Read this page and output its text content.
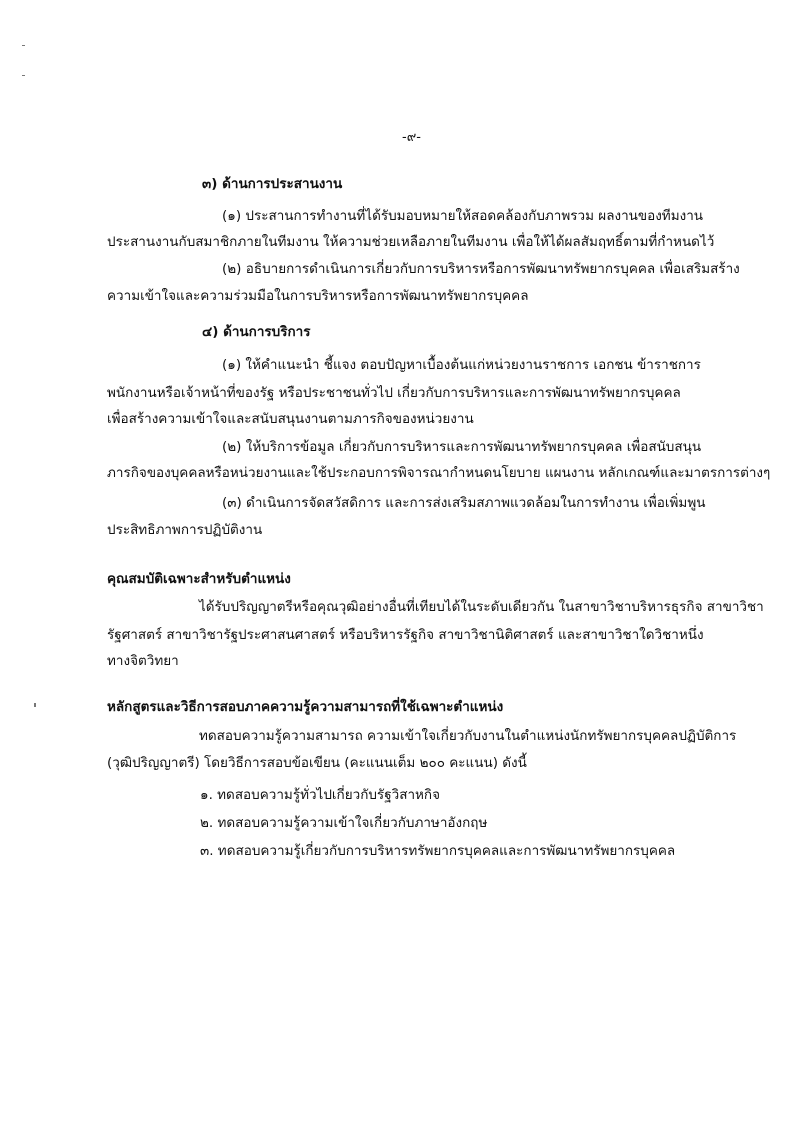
-๙-
๓) ด้านการประสานงาน
(๑) ประสานการทำงานที่ได้รับมอบหมายให้สอดคล้องกับภาพรวม ผลงานของทีมงาน
ประสานงานกับสมาชิกภายในทีมงาน ให้ความช่วยเหลือภายในทีมงาน เพื่อให้ได้ผลสัมฤทธิ์ตามที่กำหนดไว้
(๒) อธิบายการดำเนินการเกี่ยวกับการบริหารหรือการพัฒนาทรัพยากรบุคคล เพื่อเสริมสร้าง
ความเข้าใจและความร่วมมือในการบริหารหรือการพัฒนาทรัพยากรบุคคล
๔) ด้านการบริการ
(๑) ให้คำแนะนำ ชี้แจง ตอบปัญหาเบื้องต้นแก่หน่วยงานราชการ เอกชน ข้าราชการ
พนักงานหรือเจ้าหน้าที่ของรัฐ หรือประชาชนทั่วไป เกี่ยวกับการบริหารและการพัฒนาทรัพยากรบุคคล
เพื่อสร้างความเข้าใจและสนับสนุนงานตามภารกิจของหน่วยงาน
(๒) ให้บริการข้อมูล เกี่ยวกับการบริหารและการพัฒนาทรัพยากรบุคคล เพื่อสนับสนุน
ภารกิจของบุคคลหรือหน่วยงานและใช้ประกอบการพิจารณากำหนดนโยบาย แผนงาน หลักเกณฑ์และมาตรการต่างๆ
(๓) ดำเนินการจัดสวัสดิการ และการส่งเสริมสภาพแวดล้อมในการทำงาน เพื่อเพิ่มพูน
ประสิทธิภาพการปฏิบัติงาน
คุณสมบัติเฉพาะสำหรับตำแหน่ง
ได้รับปริญญาตรีหรือคุณวุฒิอย่างอื่นที่เทียบได้ในระดับเดียวกัน ในสาขาวิชาบริหารธุรกิจ สาขาวิชา
รัฐศาสตร์ สาขาวิชารัฐประศาสนศาสตร์ หรือบริหารรัฐกิจ สาขาวิชานิติศาสตร์ และสาขาวิชาใดวิชาหนึ่ง
ทางจิตวิทยา
หลักสูตรและวิธีการสอบภาคความรู้ความสามารถที่ใช้เฉพาะตำแหน่ง
ทดสอบความรู้ความสามารถ ความเข้าใจเกี่ยวกับงานในตำแหน่งนักทรัพยากรบุคคลปฏิบัติการ
(วุฒิปริญญาตรี) โดยวิธีการสอบข้อเขียน (คะแนนเต็ม ๒๐๐ คะแนน) ดังนี้
๑. ทดสอบความรู้ทั่วไปเกี่ยวกับรัฐวิสาหกิจ
๒. ทดสอบความรู้ความเข้าใจเกี่ยวกับภาษาอังกฤษ
๓. ทดสอบความรู้เกี่ยวกับการบริหารทรัพยากรบุคคลและการพัฒนาทรัพยากรบุคคล
